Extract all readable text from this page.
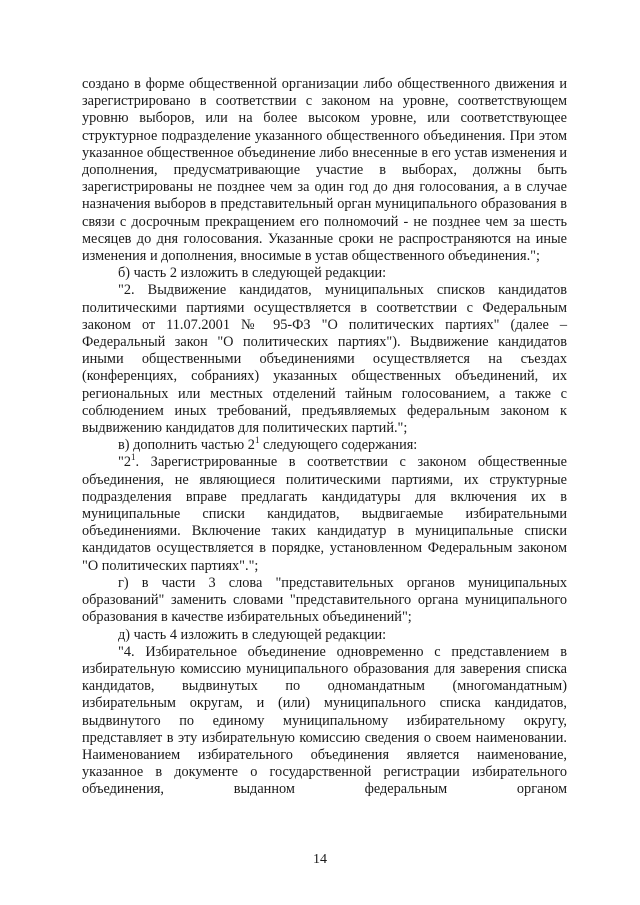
создано в форме общественной организации либо общественного движения и зарегистрировано в соответствии с законом на уровне, соответствующем уровню выборов, или на более высоком уровне, или соответствующее структурное подразделение указанного общественного объединения. При этом указанное общественное объединение либо внесенные в его устав изменения и дополнения, предусматривающие участие в выборах, должны быть зарегистрированы не позднее чем за один год до дня голосования, а в случае назначения выборов в представительный орган муниципального образования в связи с досрочным прекращением его полномочий - не позднее чем за шесть месяцев до дня голосования. Указанные сроки не распространяются на иные изменения и дополнения, вносимые в устав общественного объединения.";

б) часть 2 изложить в следующей редакции:

"2. Выдвижение кандидатов, муниципальных списков кандидатов политическими партиями осуществляется в соответствии с Федеральным законом от 11.07.2001 № 95-ФЗ "О политических партиях" (далее – Федеральный закон "О политических партиях"). Выдвижение кандидатов иными общественными объединениями осуществляется на съездах (конференциях, собраниях) указанных общественных объединений, их региональных или местных отделений тайным голосованием, а также с соблюдением иных требований, предъявляемых федеральным законом к выдвижению кандидатов для политических партий.";

в) дополнить частью $2^1$ следующего содержания:

"$2^1$. Зарегистрированные в соответствии с законом общественные объединения, не являющиеся политическими партиями, их структурные подразделения вправе предлагать кандидатуры для включения их в муниципальные списки кандидатов, выдвигаемые избирательными объединениями. Включение таких кандидатур в муниципальные списки кандидатов осуществляется в порядке, установленном Федеральным законом "О политических партиях".";

г) в части 3 слова "представительных органов муниципальных образований" заменить словами "представительного органа муниципального образования в качестве избирательных объединений";

д) часть 4 изложить в следующей редакции:

"4. Избирательное объединение одновременно с представлением в избирательную комиссию муниципального образования для заверения списка кандидатов, выдвинутых по одномандатным (многомандатным) избирательным округам, и (или) муниципального списка кандидатов, выдвинутого по единому муниципальному избирательному округу, представляет в эту избирательную комиссию сведения о своем наименовании. Наименованием избирательного объединения является наименование, указанное в документе о государственной регистрации избирательного объединения, выданном федеральным органом

14
